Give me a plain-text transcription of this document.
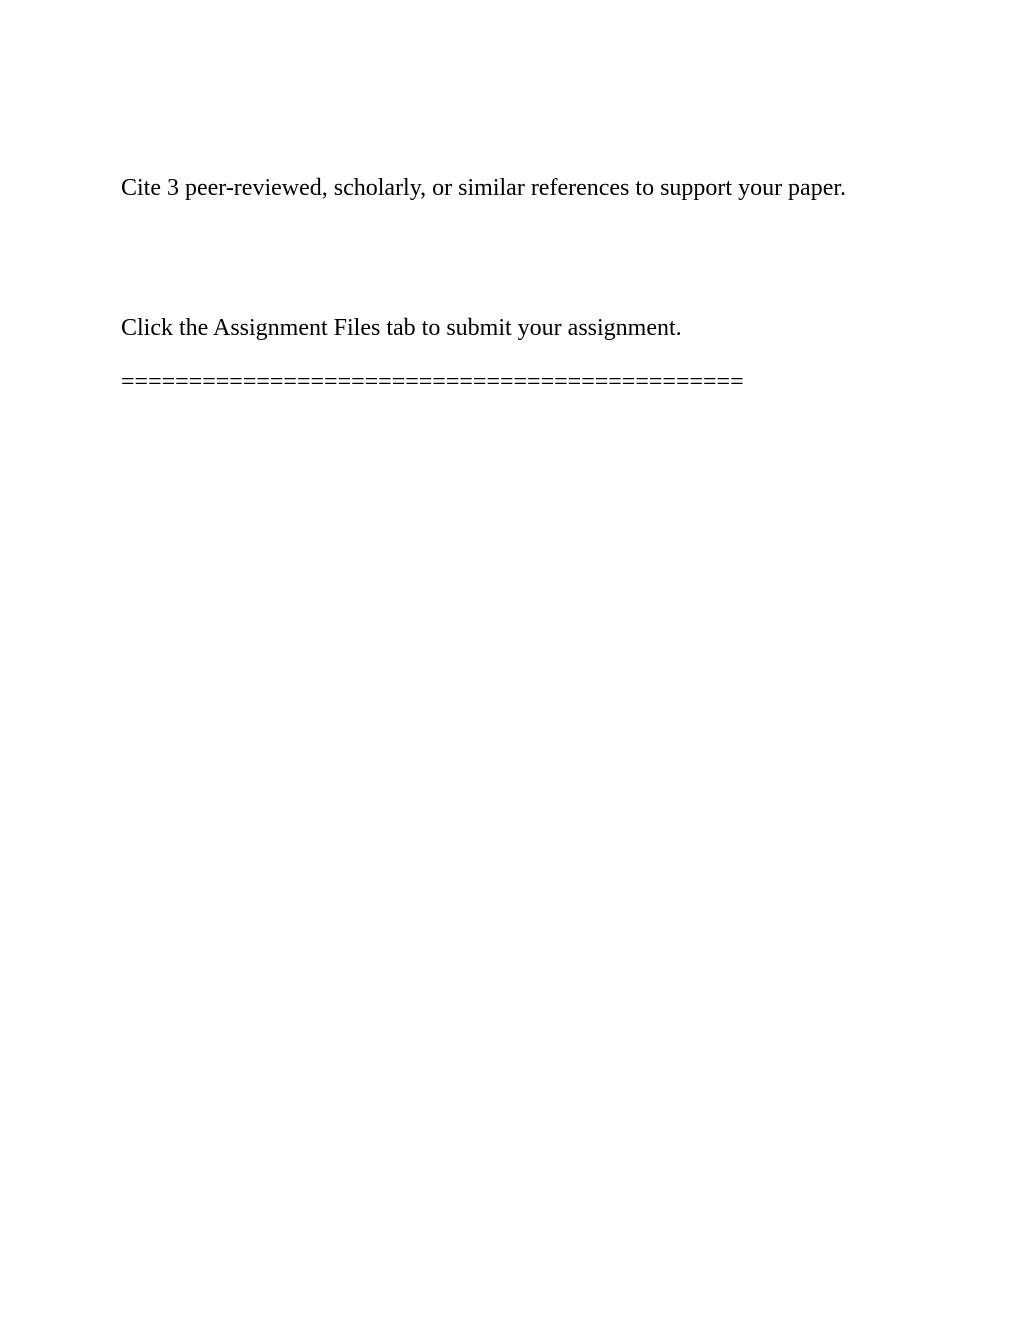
Cite 3 peer-reviewed, scholarly, or similar references to support your paper.

Click the Assignment Files tab to submit your assignment.

==============================================
